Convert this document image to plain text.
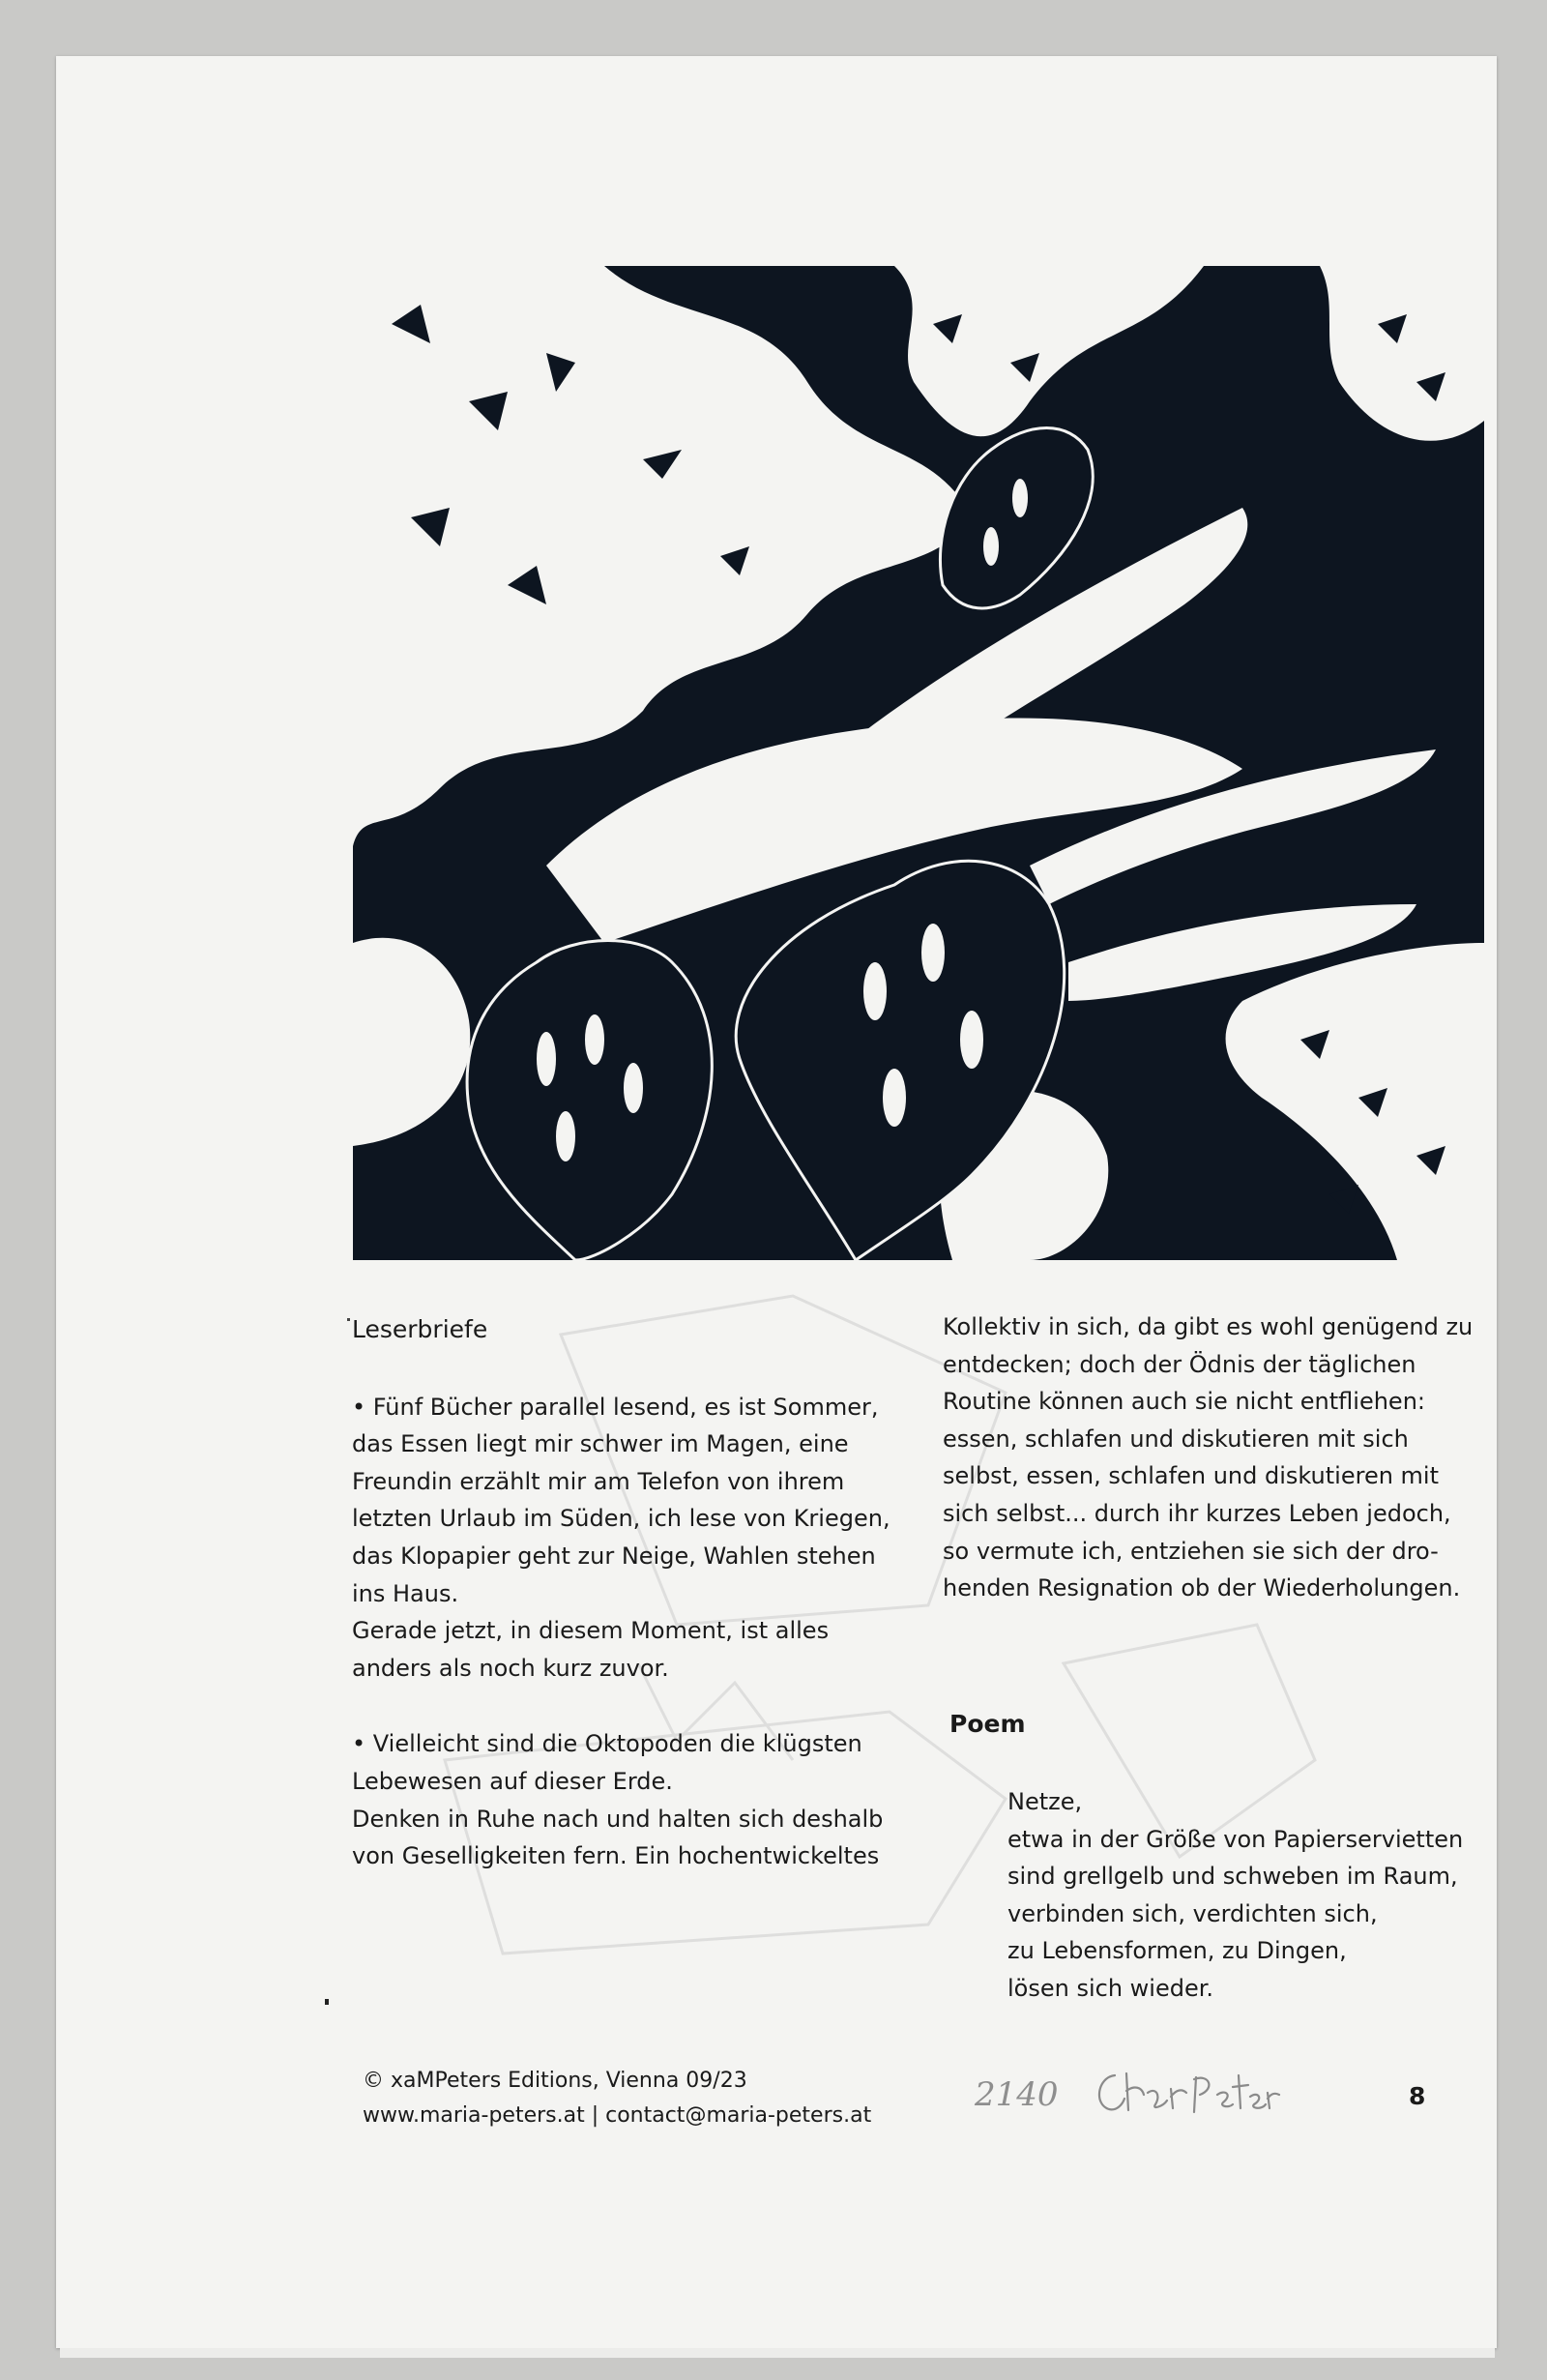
Leserbriefe

• Fünf Bücher parallel lesend, es ist Sommer,
das Essen liegt mir schwer im Magen, eine
Freundin erzählt mir am Telefon von ihrem
letzten Urlaub im Süden, ich lese von Kriegen,
das Klopapier geht zur Neige, Wahlen stehen
ins Haus.
Gerade jetzt, in diesem Moment, ist alles
anders als noch kurz zuvor.

• Vielleicht sind die Oktopoden die klügsten
Lebewesen auf dieser Erde.
Denken in Ruhe nach und halten sich deshalb
von Geselligkeiten fern. Ein hochentwickeltes

Kollektiv in sich, da gibt es wohl genügend zu
entdecken; doch der Ödnis der täglichen
Routine können auch sie nicht entfliehen:
essen, schlafen und diskutieren mit sich
selbst, essen, schlafen und diskutieren mit
sich selbst... durch ihr kurzes Leben jedoch,
so vermute ich, entziehen sie sich der dro-
henden Resignation ob der Wiederholungen.
Poem
Netze,
etwa in der Größe von Papierservietten
sind grellgelb und schweben im Raum,
verbinden sich, verdichten sich,
zu Lebensformen, zu Dingen,
lösen sich wieder.
© xaMPeters Editions, Vienna 09/23
www.maria-peters.at | contact@maria-peters.at
2140	8
